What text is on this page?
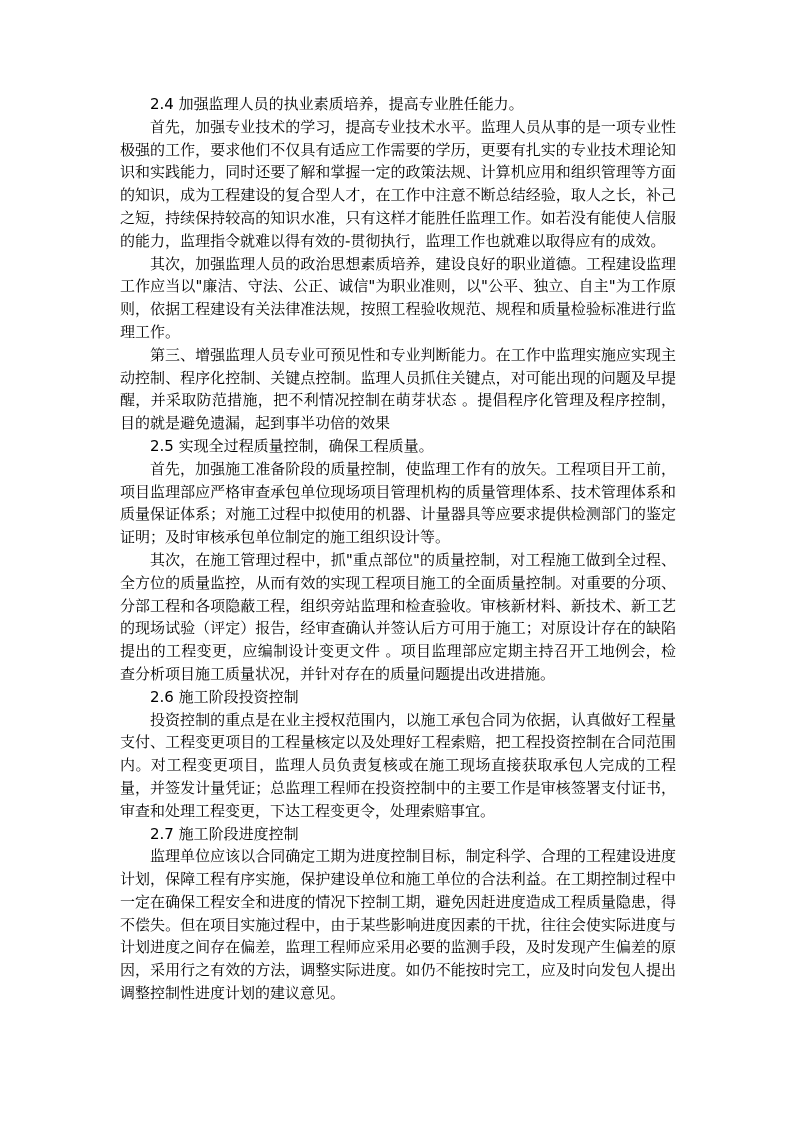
2.4 加强监理人员的执业素质培养，提高专业胜任能力。

首先，加强专业技术的学习，提高专业技术水平。监理人员从事的是一项专业性极强的工作，要求他们不仅具有适应工作需要的学历，更要有扎实的专业技术理论知识和实践能力，同时还要了解和掌握一定的政策法规、计算机应用和组织管理等方面的知识，成为工程建设的复合型人才，在工作中注意不断总结经验，取人之长，补己之短，持续保持较高的知识水准，只有这样才能胜任监理工作。如若没有能使人信服的能力，监理指令就难以得有效的-贯彻执行，监理工作也就难以取得应有的成效。

其次，加强监理人员的政治思想素质培养，建设良好的职业道德。工程建设监理工作应当以"廉洁、守法、公正、诚信"为职业准则，以"公平、独立、自主"为工作原则，依据工程建设有关法律准法规，按照工程验收规范、规程和质量检验标准进行监理工作。

第三、增强监理人员专业可预见性和专业判断能力。在工作中监理实施应实现主动控制、程序化控制、关键点控制。监理人员抓住关键点，对可能出现的问题及早提醒，并采取防范措施，把不利情况控制在萌芽状态 。提倡程序化管理及程序控制，目的就是避免遗漏，起到事半功倍的效果

2.5 实现全过程质量控制，确保工程质量。

首先，加强施工准备阶段的质量控制，使监理工作有的放矢。工程项目开工前，项目监理部应严格审查承包单位现场项目管理机构的质量管理体系、技术管理体系和质量保证体系；对施工过程中拟使用的机器、计量器具等应要求提供检测部门的鉴定证明；及时审核承包单位制定的施工组织设计等。

其次，在施工管理过程中，抓"重点部位"的质量控制，对工程施工做到全过程、全方位的质量监控，从而有效的实现工程项目施工的全面质量控制。对重要的分项、分部工程和各项隐蔽工程，组织旁站监理和检查验收。审核新材料、新技术、新工艺的现场试验（评定）报告，经审查确认并签认后方可用于施工；对原设计存在的缺陷提出的工程变更，应编制设计变更文件 。项目监理部应定期主持召开工地例会，检查分析项目施工质量状况，并针对存在的质量问题提出改进措施。

2.6 施工阶段投资控制

投资控制的重点是在业主授权范围内，以施工承包合同为依据，认真做好工程量支付、工程变更项目的工程量核定以及处理好工程索赔，把工程投资控制在合同范围内。对工程变更项目，监理人员负责复核或在施工现场直接获取承包人完成的工程量，并签发计量凭证；总监理工程师在投资控制中的主要工作是审核签署支付证书，审查和处理工程变更，下达工程变更令，处理索赔事宜。

2.7 施工阶段进度控制

监理单位应该以合同确定工期为进度控制目标，制定科学、合理的工程建设进度计划，保障工程有序实施，保护建设单位和施工单位的合法利益。在工期控制过程中一定在确保工程安全和进度的情况下控制工期，避免因赶进度造成工程质量隐患，得不偿失。但在项目实施过程中，由于某些影响进度因素的干扰，往往会使实际进度与计划进度之间存在偏差，监理工程师应采用必要的监测手段，及时发现产生偏差的原因，采用行之有效的方法，调整实际进度。如仍不能按时完工，应及时向发包人提出调整控制性进度计划的建议意见。
